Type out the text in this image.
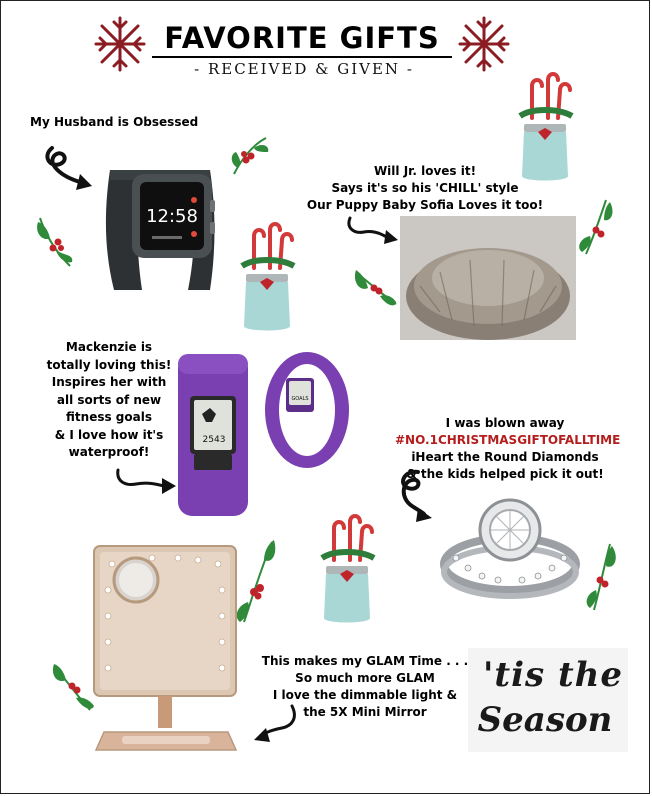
FAVORITE GIFTS
- RECEIVED & GIVEN -
My Husband is Obsessed
12:58
Will Jr. loves it!
Says it's so his 'CHILL' style
Our Puppy Baby Sofia Loves it too!
Mackenzie is
totally loving this!
Inspires her with
all sorts of new
fitness goals
& I love how it's
waterproof!
2543
GOALS
I was blown away
#NO.1CHRISTMASGIFTOFALLTIME
iHeart the Round Diamonds
& the kids helped pick it out!
This makes my GLAM Time . . .
So much more GLAM
I love the dimmable light &
the 5X Mini Mirror
'tis the
Season
